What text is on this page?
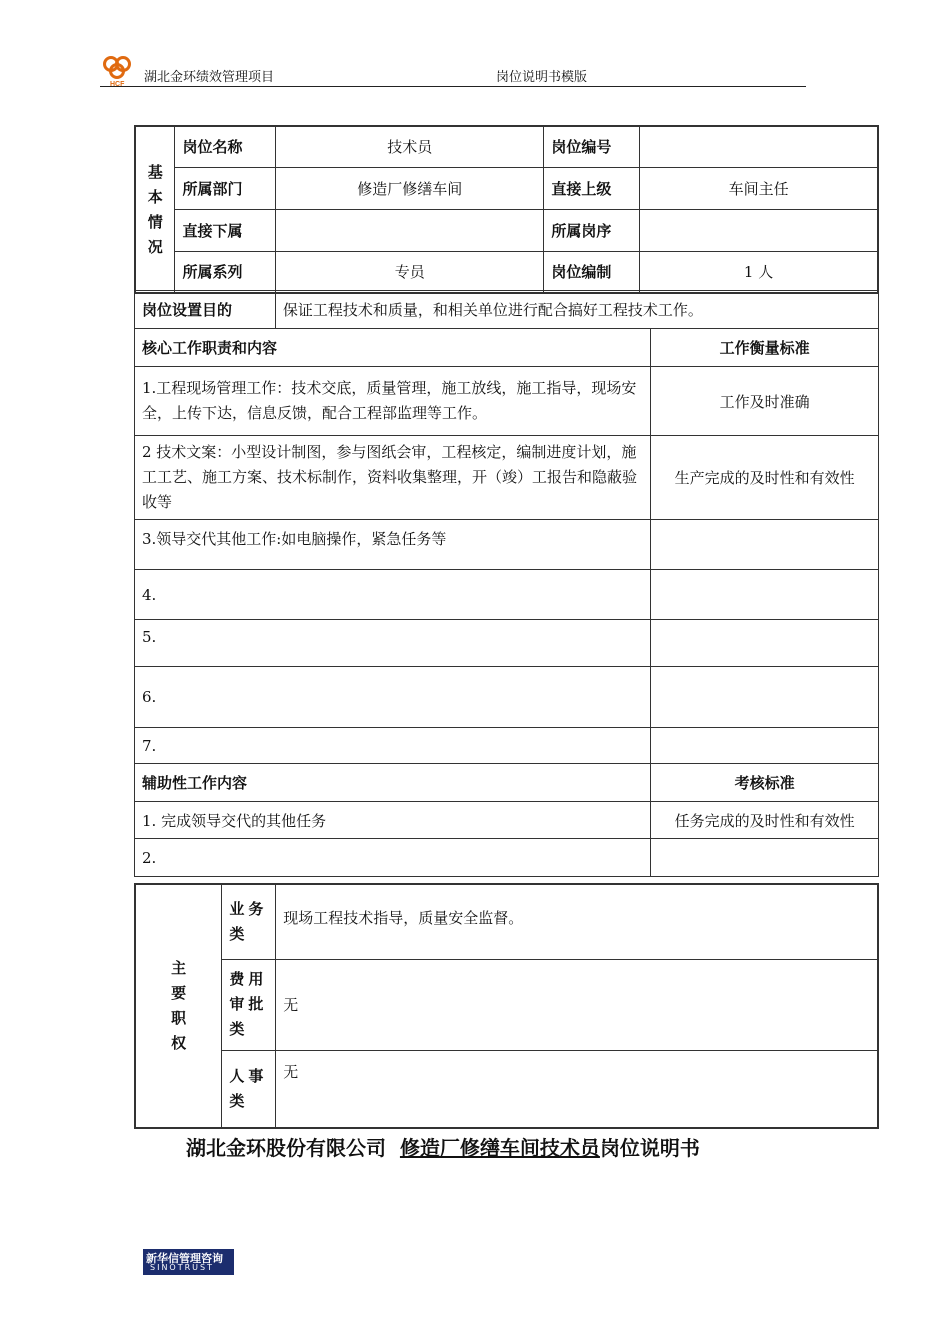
HCF 湖北金环绩效管理项目	岗位说明书模版
基本情况	岗位名称	技术员	岗位编号	
	所属部门	修造厂修缮车间	直接上级	车间主任
	直接下属		所属岗序	
	所属系列	专员	岗位编制	1 人
岗位设置目的	保证工程技术和质量，和相关单位进行配合搞好工程技术工作。	
核心工作职责和内容		工作衡量标准
1.工程现场管理工作：技术交底，质量管理，施工放线，施工指导，现场安全，上传下达，信息反馈，配合工程部监理等工作。		工作及时准确
2 技术文案：小型设计制图，参与图纸会审，工程核定，编制进度计划，施工工艺、施工方案、技术标制作，资料收集整理，开（竣）工报告和隐蔽验收等		生产完成的及时性和有效性
3.领导交代其他工作:如电脑操作，紧急任务等		
4.		
5.		
6.		
7.		
辅助性工作内容		考核标准
1. 完成领导交代的其他任务		任务完成的及时性和有效性
2.		
主要职权	业务类	现场工程技术指导，质量安全监督。
	费用审批类	无
	人事类	无
湖北金环股份有限公司 修造厂修缮车间技术员岗位说明书
新华信管理咨询
SINOTRUST
